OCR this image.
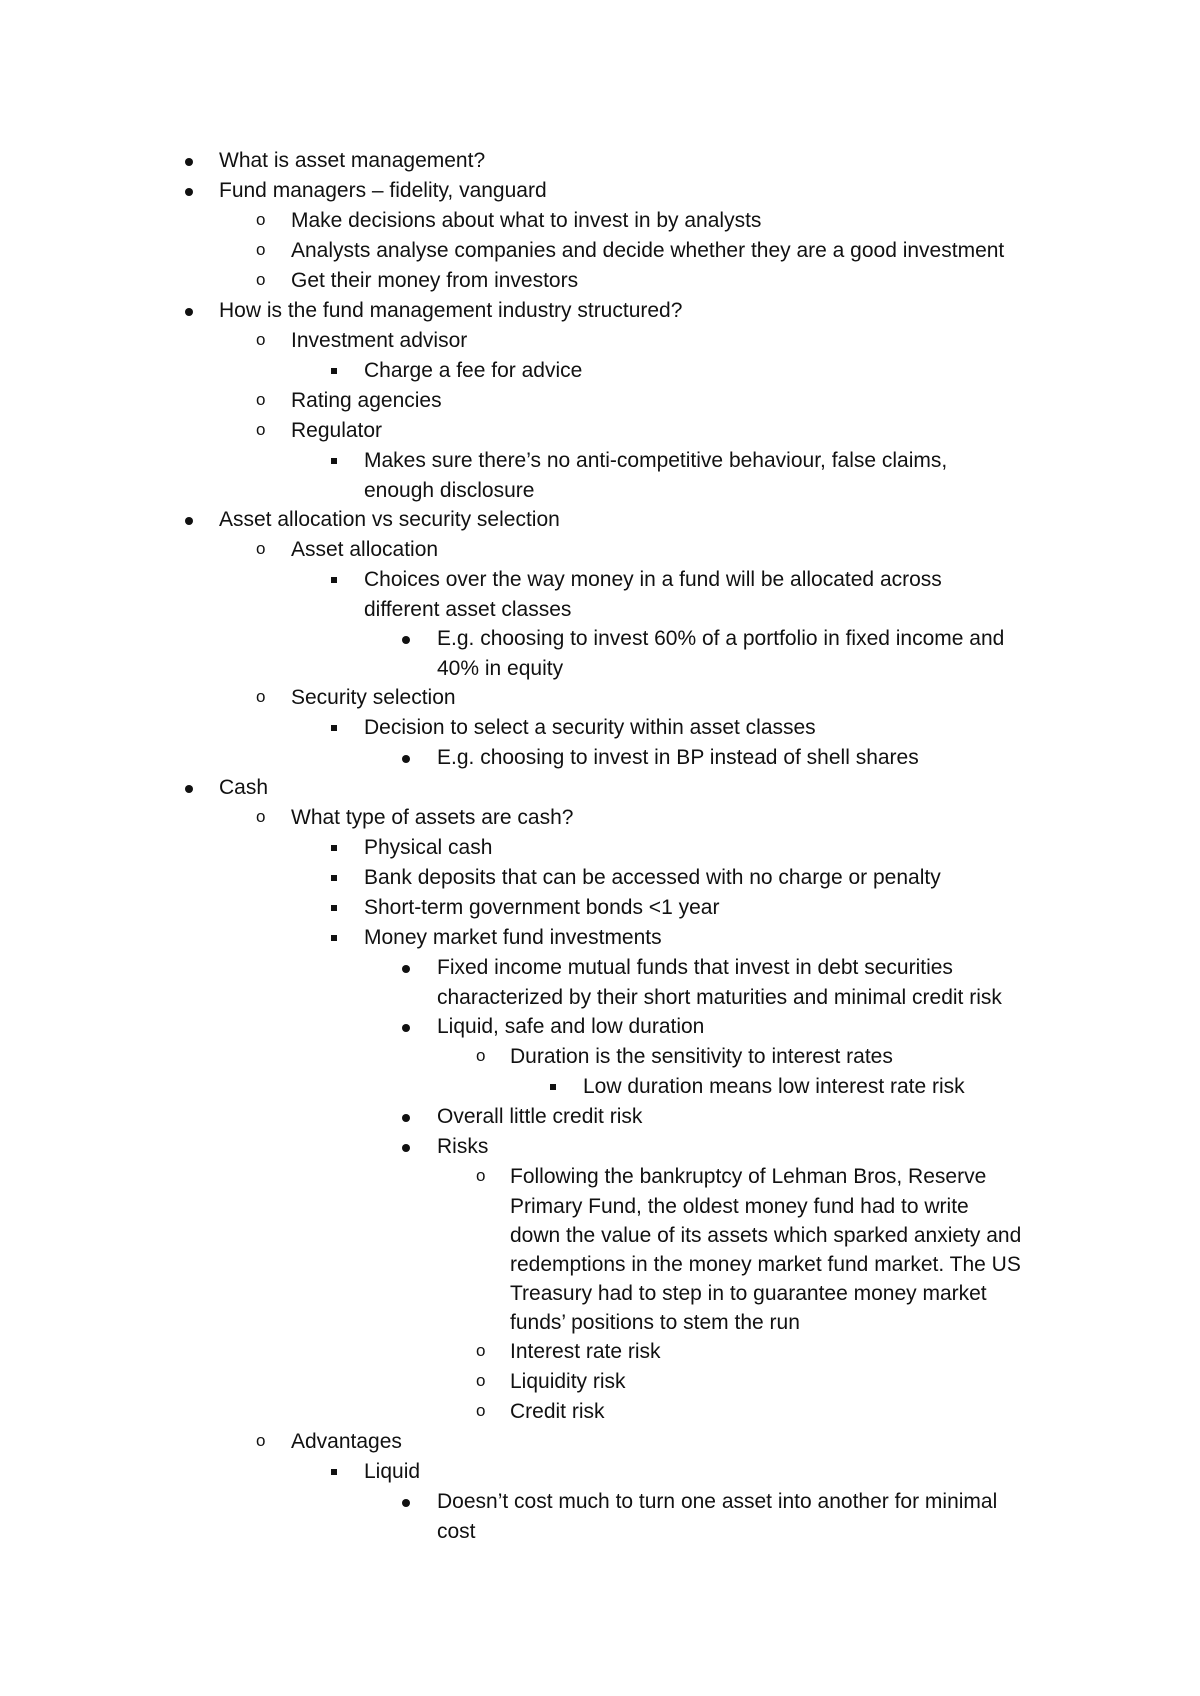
What is asset management?
Fund managers – fidelity, vanguard
o Make decisions about what to invest in by analysts
o Analysts analyse companies and decide whether they are a good investment
o Get their money from investors
How is the fund management industry structured?
o Investment advisor
Charge a fee for advice
o Rating agencies
o Regulator
Makes sure there’s no anti-competitive behaviour, false claims,
enough disclosure
Asset allocation vs security selection
o Asset allocation
Choices over the way money in a fund will be allocated across
different asset classes
E.g. choosing to invest 60% of a portfolio in fixed income and
40% in equity
o Security selection
Decision to select a security within asset classes
E.g. choosing to invest in BP instead of shell shares
Cash
o What type of assets are cash?
Physical cash
Bank deposits that can be accessed with no charge or penalty
Short-term government bonds <1 year
Money market fund investments
Fixed income mutual funds that invest in debt securities
characterized by their short maturities and minimal credit risk
Liquid, safe and low duration
o Duration is the sensitivity to interest rates
Low duration means low interest rate risk
Overall little credit risk
Risks
o Following the bankruptcy of Lehman Bros, Reserve
Primary Fund, the oldest money fund had to write
down the value of its assets which sparked anxiety and
redemptions in the money market fund market. The US
Treasury had to step in to guarantee money market
funds’ positions to stem the run
o Interest rate risk
o Liquidity risk
o Credit risk
o Advantages
Liquid
Doesn’t cost much to turn one asset into another for minimal
cost
